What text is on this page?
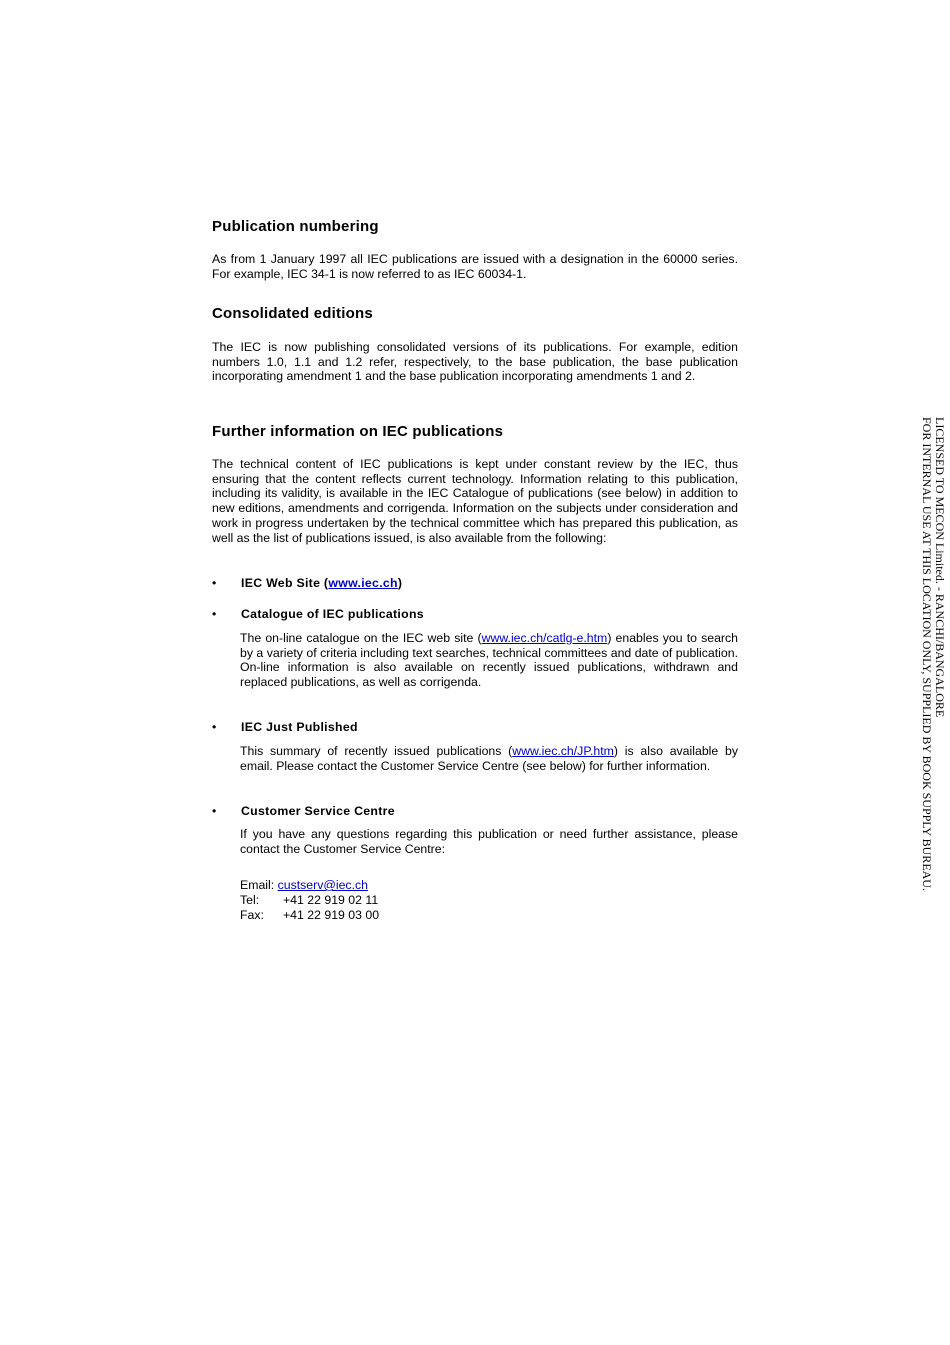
Publication numbering

As from 1 January 1997 all IEC publications are issued with a designation in the 60000 series. For example, IEC 34-1 is now referred to as IEC 60034-1.

Consolidated editions

The IEC is now publishing consolidated versions of its publications. For example, edition numbers 1.0, 1.1 and 1.2 refer, respectively, to the base publication, the base publication incorporating amendment 1 and the base publication incorporating amendments 1 and 2.

Further information on IEC publications

The technical content of IEC publications is kept under constant review by the IEC, thus ensuring that the content reflects current technology. Information relating to this publication, including its validity, is available in the IEC Catalogue of publications (see below) in addition to new editions, amendments and corrigenda. Information on the subjects under consideration and work in progress undertaken by the technical committee which has prepared this publication, as well as the list of publications issued, is also available from the following:

• IEC Web Site (www.iec.ch)
• Catalogue of IEC publications

The on-line catalogue on the IEC web site (www.iec.ch/catlg-e.htm) enables you to search by a variety of criteria including text searches, technical committees and date of publication. On-line information is also available on recently issued publications, withdrawn and replaced publications, as well as corrigenda.

• IEC Just Published

This summary of recently issued publications (www.iec.ch/JP.htm) is also available by email. Please contact the Customer Service Centre (see below) for further information.

• Customer Service Centre

If you have any questions regarding this publication or need further assistance, please contact the Customer Service Centre:

Email: custserv@iec.ch
Tel: +41 22 919 02 11
Fax: +41 22 919 03 00
LICENSED TO MECON Limited. - RANCHI/BANGALORE
FOR INTERNAL USE AT THIS LOCATION ONLY, SUPPLIED BY BOOK SUPPLY BUREAU.
